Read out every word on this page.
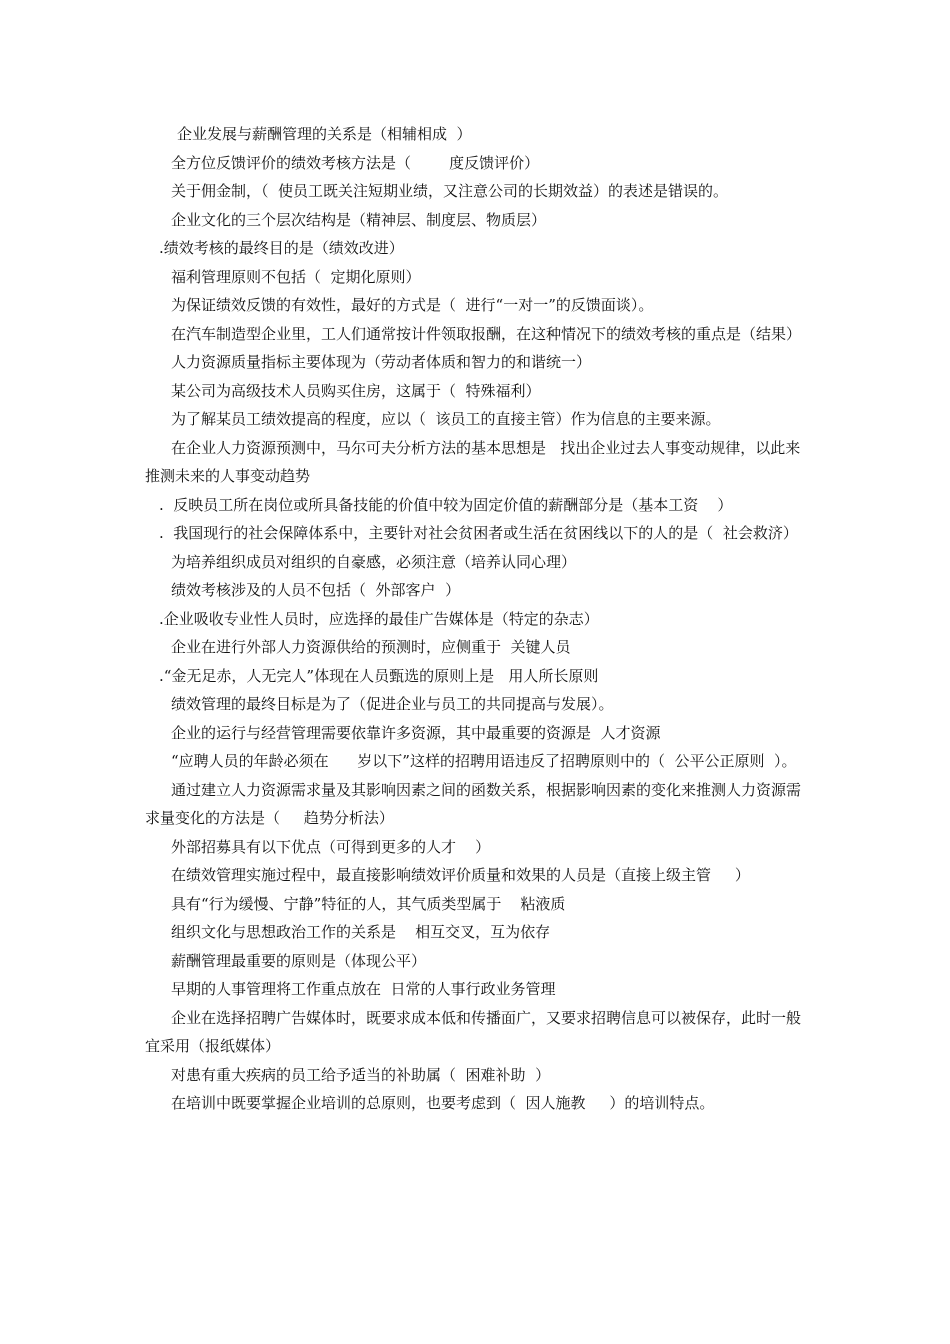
企业发展与薪酬管理的关系是（相辅相成  ）

全方位反馈评价的绩效考核方法是（        度反馈评价）

关于佣金制，（  使员工既关注短期业绩，又注意公司的长期效益）的表述是错误的。

企业文化的三个层次结构是（精神层、制度层、物质层）

.绩效考核的最终目的是（绩效改进）

福利管理原则不包括（  定期化原则）

为保证绩效反馈的有效性，最好的方式是（  进行“一对一”的反馈面谈）。

在汽车制造型企业里，工人们通常按计件领取报酬，在这种情况下的绩效考核的重点是（结果）

人力资源质量指标主要体现为（劳动者体质和智力的和谐统一）

某公司为高级技术人员购买住房，这属于（  特殊福利）

为了解某员工绩效提高的程度，应以（  该员工的直接主管）作为信息的主要来源。

在企业人力资源预测中，马尔可夫分析方法的基本思想是   找出企业过去人事变动规律，以此来推测未来的人事变动趋势

.  反映员工所在岗位或所具备技能的价值中较为固定价值的薪酬部分是（基本工资    ）

.  我国现行的社会保障体系中，主要针对社会贫困者或生活在贫困线以下的人的是（  社会救济）

为培养组织成员对组织的自豪感，必须注意（培养认同心理）

绩效考核涉及的人员不包括（  外部客户  ）

.企业吸收专业性人员时，应选择的最佳广告媒体是（特定的杂志）

企业在进行外部人力资源供给的预测时，应侧重于  关键人员

.“金无足赤，人无完人”体现在人员甄选的原则上是   用人所长原则

绩效管理的最终目标是为了（促进企业与员工的共同提高与发展）。

企业的运行与经营管理需要依靠许多资源，其中最重要的资源是  人才资源

“应聘人员的年龄必须在      岁以下”这样的招聘用语违反了招聘原则中的（  公平公正原则  ）。

通过建立人力资源需求量及其影响因素之间的函数关系，根据影响因素的变化来推测人力资源需求量变化的方法是（     趋势分析法）

外部招募具有以下优点（可得到更多的人才    ）

在绩效管理实施过程中，最直接影响绩效评价质量和效果的人员是（直接上级主管     ）

具有“行为缓慢、宁静”特征的人，其气质类型属于    粘液质

组织文化与思想政治工作的关系是    相互交叉，互为依存

薪酬管理最重要的原则是（体现公平）

早期的人事管理将工作重点放在  日常的人事行政业务管理

企业在选择招聘广告媒体时，既要求成本低和传播面广，又要求招聘信息可以被保存，此时一般宜采用（报纸媒体）

对患有重大疾病的员工给予适当的补助属（  困难补助  ）

在培训中既要掌握企业培训的总原则，也要考虑到（  因人施教     ）的培训特点。
